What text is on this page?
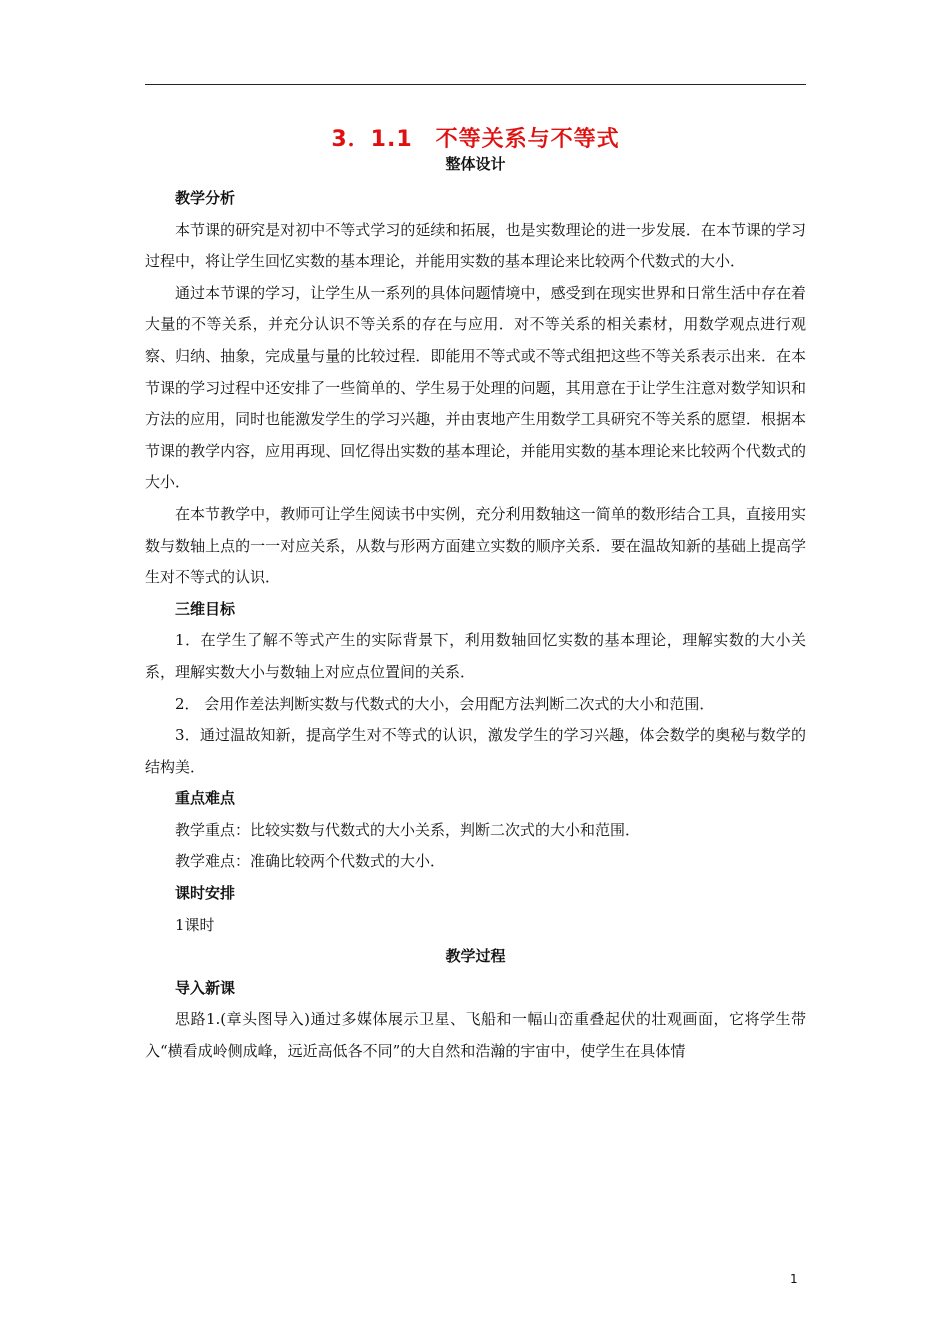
3．1.1　不等关系与不等式
整体设计

教学分析

本节课的研究是对初中不等式学习的延续和拓展，也是实数理论的进一步发展．在本节课的学习过程中，将让学生回忆实数的基本理论，并能用实数的基本理论来比较两个代数式的大小．

通过本节课的学习，让学生从一系列的具体问题情境中，感受到在现实世界和日常生活中存在着大量的不等关系，并充分认识不等关系的存在与应用．对不等关系的相关素材，用数学观点进行观察、归纳、抽象，完成量与量的比较过程．即能用不等式或不等式组把这些不等关系表示出来．在本节课的学习过程中还安排了一些简单的、学生易于处理的问题，其用意在于让学生注意对数学知识和方法的应用，同时也能激发学生的学习兴趣，并由衷地产生用数学工具研究不等关系的愿望．根据本节课的教学内容，应用再现、回忆得出实数的基本理论，并能用实数的基本理论来比较两个代数式的大小．

在本节教学中，教师可让学生阅读书中实例，充分利用数轴这一简单的数形结合工具，直接用实数与数轴上点的一一对应关系，从数与形两方面建立实数的顺序关系．要在温故知新的基础上提高学生对不等式的认识．

三维目标

1．在学生了解不等式产生的实际背景下，利用数轴回忆实数的基本理论，理解实数的大小关系，理解实数大小与数轴上对应点位置间的关系．

2． 会用作差法判断实数与代数式的大小，会用配方法判断二次式的大小和范围．

3．通过温故知新，提高学生对不等式的认识，激发学生的学习兴趣，体会数学的奥秘与数学的结构美．

重点难点

教学重点：比较实数与代数式的大小关系，判断二次式的大小和范围．

教学难点：准确比较两个代数式的大小．

课时安排

1课时

教学过程

导入新课

思路1.(章头图导入)通过多媒体展示卫星、飞船和一幅山峦重叠起伏的壮观画面，它将学生带入“横看成岭侧成峰，远近高低各不同”的大自然和浩瀚的宇宙中，使学生在具体情

1
